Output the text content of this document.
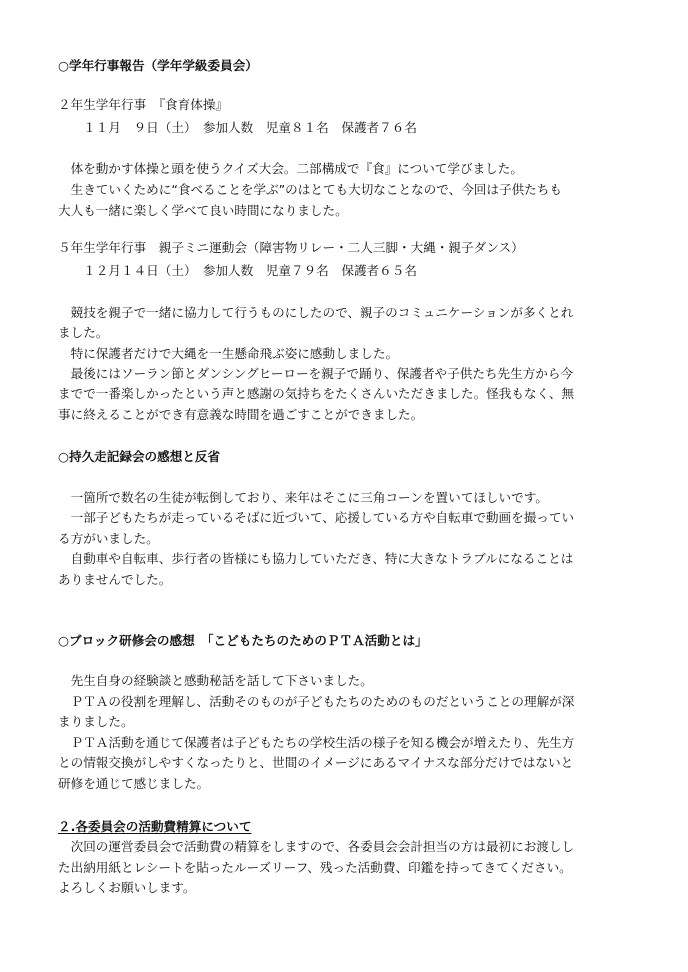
○学年行事報告（学年学級委員会）
２年生学年行事　『食育体操』
　　１１月　９日（土）　参加人数　児童８１名　保護者７６名
　体を動かす体操と頭を使うクイズ大会。二部構成で『食』について学びました。
　生きていくために“食べることを学ぶ”のはとても大切なことなので、今回は子供たちも
大人も一緒に楽しく学べて良い時間になりました。
５年生学年行事　親子ミニ運動会（障害物リレー・二人三脚・大縄・親子ダンス）
　　１２月１４日（土）　参加人数　児童７９名　保護者６５名
　競技を親子で一緒に協力して行うものにしたので、親子のコミュニケーションが多くとれ
ました。
　特に保護者だけで大縄を一生懸命飛ぶ姿に感動しました。
　最後にはソーラン節とダンシングヒーローを親子で踊り、保護者や子供たち先生方から今
までで一番楽しかったという声と感謝の気持ちをたくさんいただきました。怪我もなく、無
事に終えることができ有意義な時間を過ごすことができました。
○持久走記録会の感想と反省
　一箇所で数名の生徒が転倒しており、来年はそこに三角コーンを置いてほしいです。
　一部子どもたちが走っているそばに近づいて、応援している方や自転車で動画を撮ってい
る方がいました。
　自動車や自転車、歩行者の皆様にも協力していただき、特に大きなトラブルになることは
ありませんでした。
○ブロック研修会の感想　「こどもたちのためのＰＴＡ活動とは」
　先生自身の経験談と感動秘話を話して下さいました。
　ＰＴＡの役割を理解し、活動そのものが子どもたちのためのものだということの理解が深
まりました。
　ＰＴＡ活動を通じて保護者は子どもたちの学校生活の様子を知る機会が増えたり、先生方
との情報交換がしやすくなったりと、世間のイメージにあるマイナスな部分だけではないと
研修を通じて感じました。
２.各委員会の活動費精算について
　次回の運営委員会で活動費の精算をしますので、各委員会会計担当の方は最初にお渡しし
た出納用紙とレシートを貼ったルーズリーフ、残った活動費、印鑑を持ってきてください。
よろしくお願いします。
